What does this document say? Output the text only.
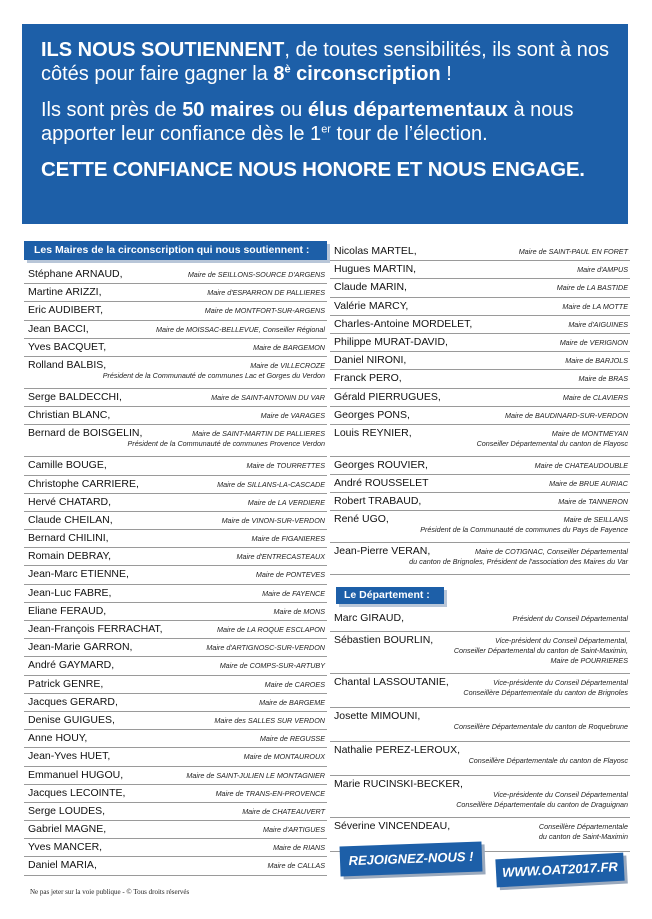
ILS NOUS SOUTIENNENT, de toutes sensibilités, ils sont à nos côtés pour faire gagner la $8^è$ circonscription !

Ils sont près de 50 maires ou élus départementaux à nous apporter leur confiance dès le 1er tour de l’élection.

CETTE CONFIANCE NOUS HONORE ET NOUS ENGAGE.

Les Maires de la circonscription qui nous soutiennent :
Stéphane ARNAUD,	Maire de SEILLONS-SOURCE D'ARGENS
Martine ARIZZI,	Maire d'ESPARRON DE PALLIERES
Eric AUDIBERT,	Maire de MONTFORT-SUR-ARGENS
Jean BACCI,	Maire de MOISSAC-BELLEVUE, Conseiller Régional
Yves BACQUET,	Maire de BARGEMON
Rolland BALBIS,	Maire de VILLECROZE
Président de la Communauté de communes Lac et Gorges du Verdon
Serge BALDECCHI,	Maire de SAINT-ANTONIN DU VAR
Christian BLANC,	Maire de VARAGES
Bernard de BOISGELIN,	Maire de SAINT-MARTIN DE PALLIERES
Président de la Communauté de communes Provence Verdon
Camille BOUGE,	Maire de TOURRETTES
Christophe CARRIERE,	Maire de SILLANS-LA-CASCADE
Hervé CHATARD,	Maire de LA VERDIERE
Claude CHEILAN,	Maire de VINON-SUR-VERDON
Bernard CHILINI,	Maire de FIGANIERES
Romain DEBRAY,	Maire d'ENTRECASTEAUX
Jean-Marc ETIENNE,	Maire de PONTEVES
Jean-Luc FABRE,	Maire de FAYENCE
Eliane FERAUD,	Maire de MONS
Jean-François FERRACHAT,	Maire de LA ROQUE ESCLAPON
Jean-Marie GARRON,	Maire d'ARTIGNOSC-SUR-VERDON
André GAYMARD,	Maire de COMPS-SUR-ARTUBY
Patrick GENRE,	Maire de CAROES
Jacques GERARD,	Maire de BARGEME
Denise GUIGUES,	Maire des SALLES SUR VERDON
Anne HOUY,	Maire de REGUSSE
Jean-Yves HUET,	Maire de MONTAUROUX
Emmanuel HUGOU,	Maire de SAINT-JULIEN LE MONTAGNIER
Jacques LECOINTE,	Maire de TRANS-EN-PROVENCE
Serge LOUDES,	Maire de CHATEAUVERT
Gabriel MAGNE,	Maire d'ARTIGUES
Yves MANCER,	Maire de RIANS
Daniel MARIA,	Maire de CALLAS
Nicolas MARTEL,	Maire de SAINT-PAUL EN FORET
Hugues MARTIN,	Maire d'AMPUS
Claude MARIN,	Maire de LA BASTIDE
Valérie MARCY,	Maire de LA MOTTE
Charles-Antoine MORDELET,	Maire d'AIGUINES
Philippe MURAT-DAVID,	Maire de VERIGNON
Daniel NIRONI,	Maire de BARJOLS
Franck PERO,	Maire de BRAS
Gérald PIERRUGUES,	Maire de CLAVIERS
Georges PONS,	Maire de BAUDINARD-SUR-VERDON
Louis REYNIER,	Maire de MONTMEYAN
Conseiller Départemental du canton de Flayosc
Georges ROUVIER,	Maire de CHATEAUDOUBLE
André ROUSSELET	Maire de BRUE AURIAC
Robert TRABAUD,	Maire de TANNERON
René UGO,	Maire de SEILLANS
Président de la Communauté de communes du Pays de Fayence
Jean-Pierre VERAN,	Maire de COTIGNAC, Conseiller Départemental
du canton de Brignoles, Président de l'association des Maires du Var
Le Département :
Marc GIRAUD,	Président du Conseil Départemental
Sébastien BOURLIN,	Vice-président du Conseil Départemental,
Conseiller Départemental du canton de Saint-Maximin,
Maire de POURRIERES
Chantal LASSOUTANIE,	Vice-présidente du Conseil Départemental
Conseillère Départementale du canton de Brignoles
Josette MIMOUNI,
Conseillère Départementale du canton de Roquebrune
Nathalie PEREZ-LEROUX,
Conseillère Départementale du canton de Flayosc
Marie RUCINSKI-BECKER,
Vice-présidente du Conseil Départemental
Conseillère Départementale du canton de Draguignan
Séverine VINCENDEAU,	Conseillère Départementale
du canton de Saint-Maximin
REJOIGNEZ-NOUS !
WWW.OAT2017.FR
Ne pas jeter sur la voie publique - © Tous droits réservés
